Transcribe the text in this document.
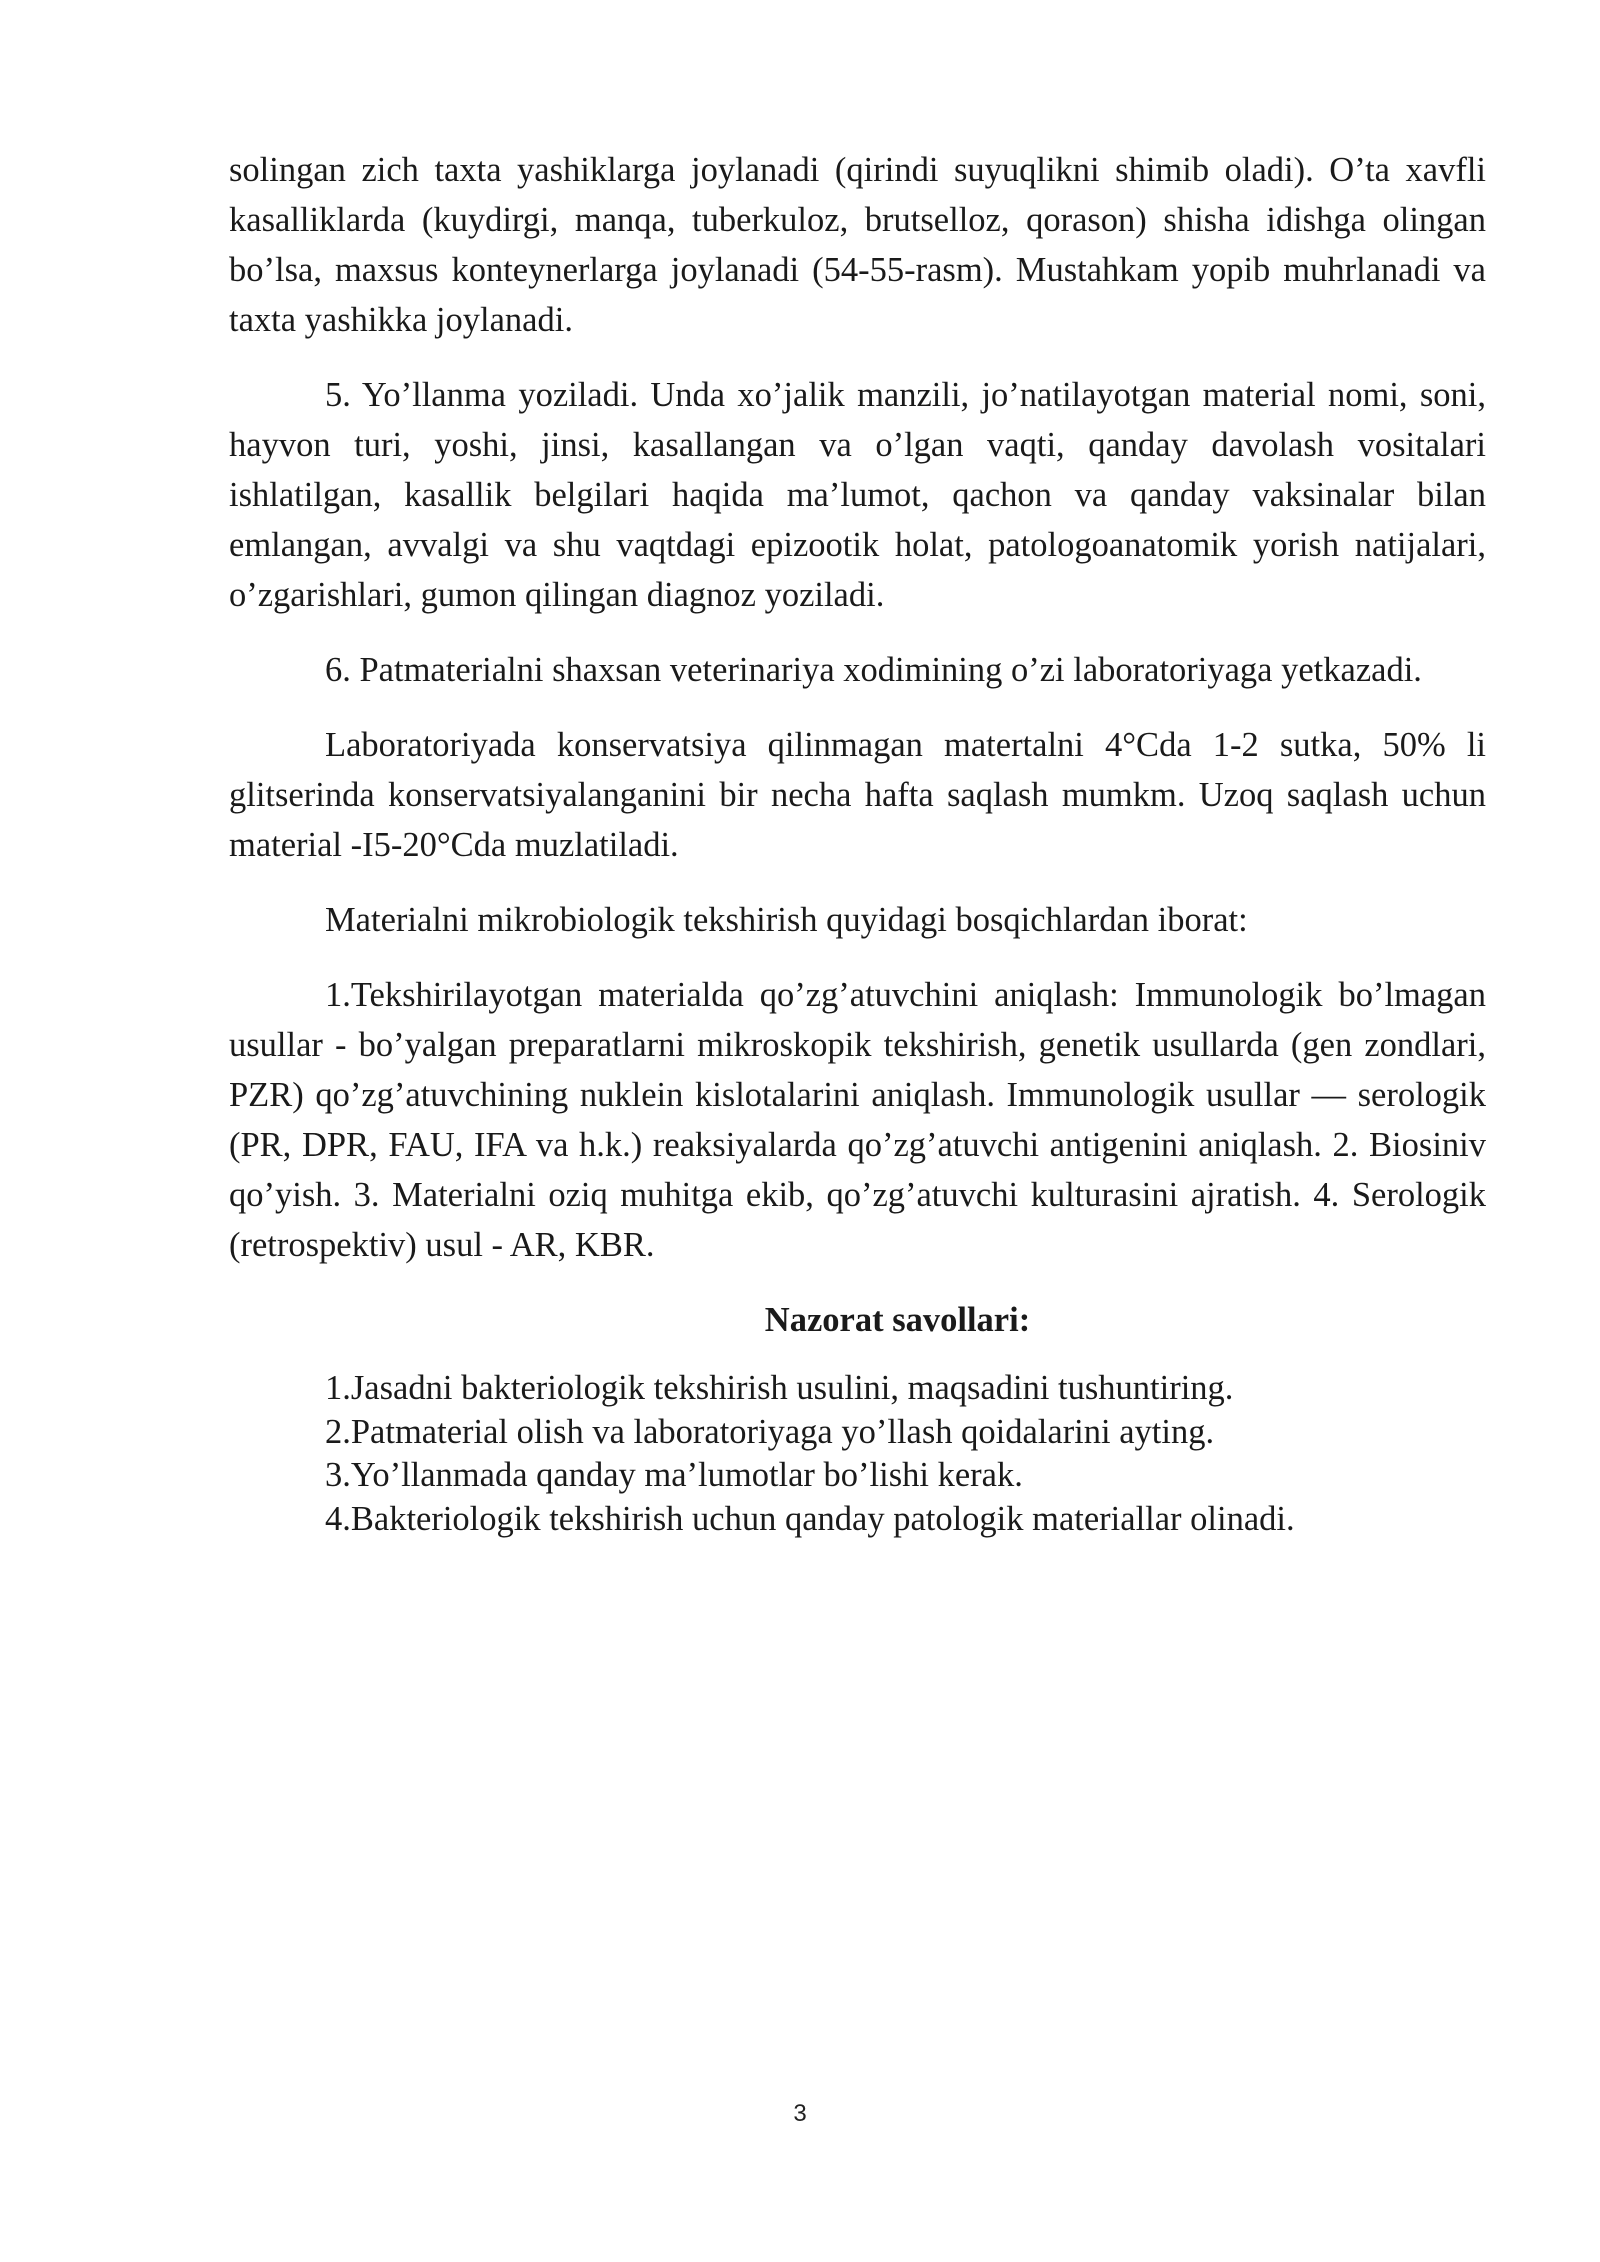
solingan zich taxta yashiklarga joylanadi (qirindi suyuqlikni shimib oladi). O’ta xavfli kasalliklarda (kuydirgi, manqa, tuberkuloz, brutselloz, qorason) shisha idishga olingan bo’lsa, maxsus konteynerlarga joylanadi (54-55-rasm). Mustahkam yopib muhrlanadi va taxta yashikka joylanadi.

5. Yo’llanma yoziladi. Unda xo’jalik manzili, jo’natilayotgan material nomi, soni, hayvon turi, yoshi, jinsi, kasallangan va o’lgan vaqti, qanday davolash vositalari ishlatilgan, kasallik belgilari haqida ma’lumot, qachon va qanday vaksinalar bilan emlangan, avvalgi va shu vaqtdagi epizootik holat, patologoanatomik yorish natijalari, o’zgarishlari, gumon qilingan diagnoz yoziladi.

6. Patmaterialni shaxsan veterinariya xodimining o’zi laboratoriyaga yetkazadi.

Laboratoriyada konservatsiya qilinmagan matertalni 4°Cda 1-2 sutka, 50% li glitserinda konservatsiyalanganini bir necha hafta saqlash mumkm. Uzoq saqlash uchun material -I5-20°Cda muzlatiladi.

Materialni mikrobiologik tekshirish quyidagi bosqichlardan iborat:

1.Tekshirilayotgan materialda qo’zg’atuvchini aniqlash: Immunologik bo’lmagan usullar - bo’yalgan preparatlarni mikroskopik tekshirish, genetik usullarda (gen zondlari, PZR) qo’zg’atuvchining nuklein kislotalarini aniqlash. Immunologik usullar — serologik (PR, DPR, FAU, IFA va h.k.) reaksiyalarda qo’zg’atuvchi antigenini aniqlash. 2. Biosiniv qo’yish. 3. Materialni oziq muhitga ekib, qo’zg’atuvchi kulturasini ajratish. 4. Serologik (retrospektiv) usul - AR, KBR.

Nazorat savollari:
1.Jasadni bakteriologik tekshirish usulini, maqsadini tushuntiring.
2.Patmaterial olish va laboratoriyaga yo’llash qoidalarini ayting.
3.Yo’llanmada qanday ma’lumotlar bo’lishi kerak.
4.Bakteriologik tekshirish uchun qanday patologik materiallar olinadi.
3
